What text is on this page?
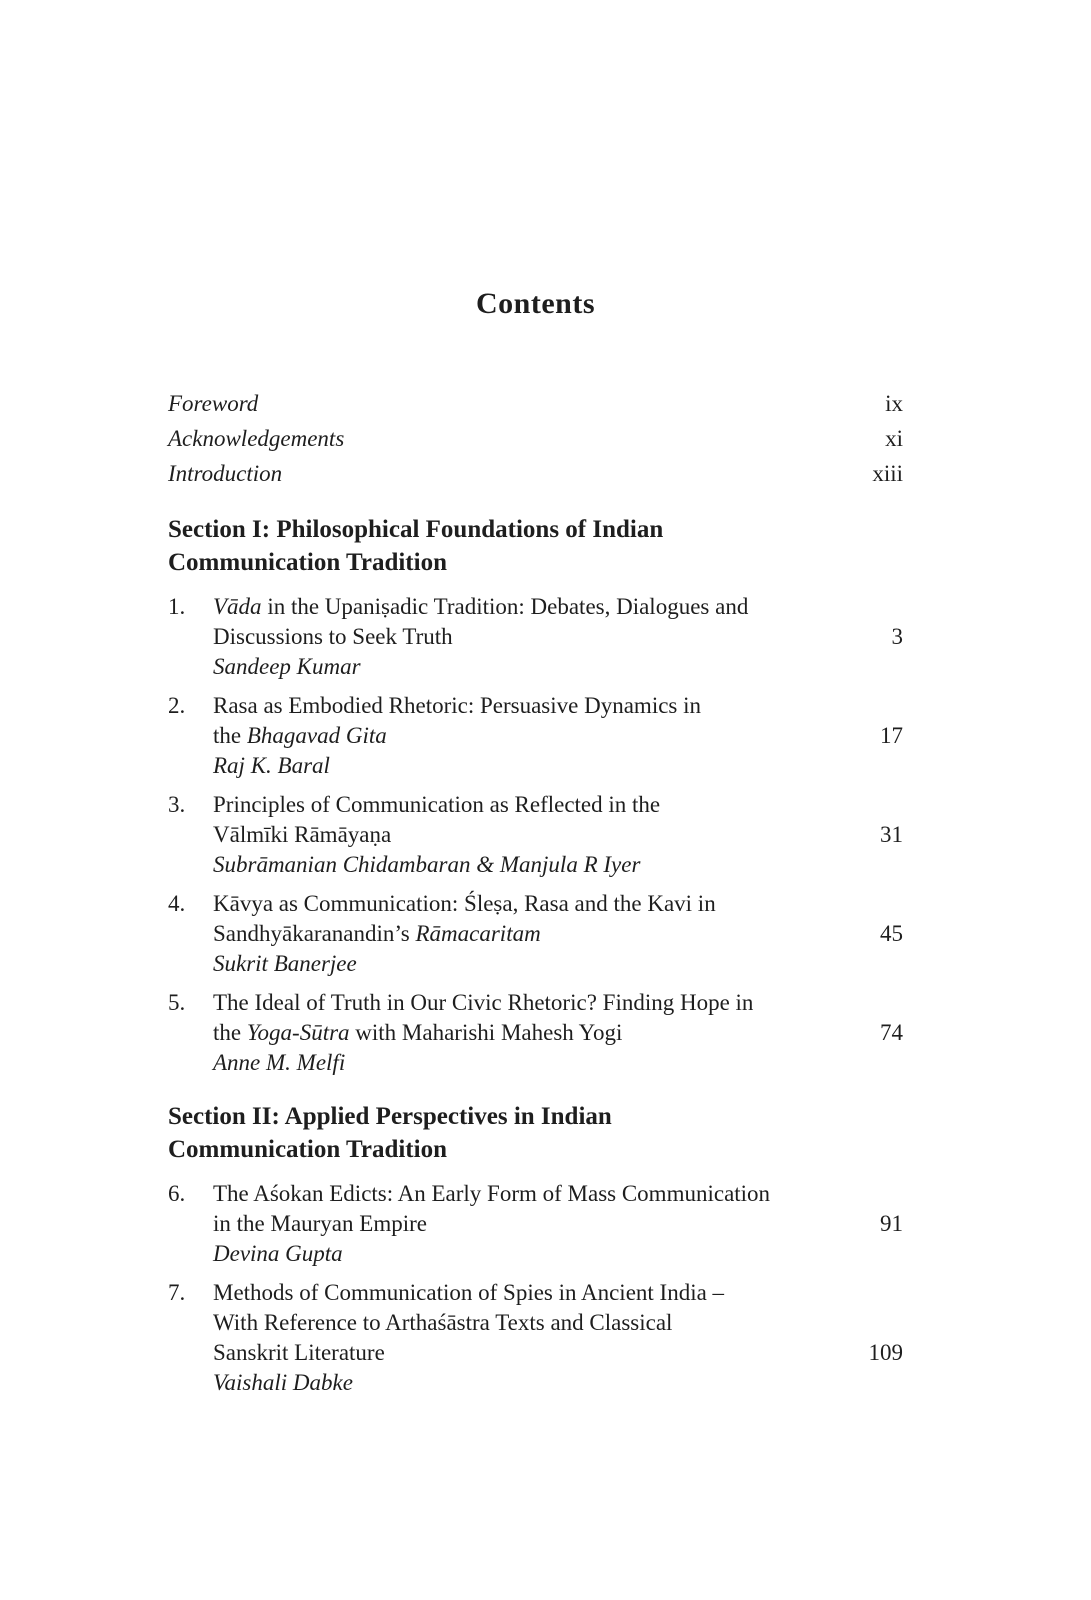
Contents
Foreword	ix
Acknowledgements	xi
Introduction	xiii
Section I: Philosophical Foundations of Indian
Communication Tradition
1.	Vāda in the Upaniṣadic Tradition: Debates, Dialogues and
Discussions to Seek Truth	3
Sandeep Kumar
2.	Rasa as Embodied Rhetoric: Persuasive Dynamics in
the Bhagavad Gita	17
Raj K. Baral
3.	Principles of Communication as Reflected in the
Vālmīki Rāmāyaṇa	31
Subrāmanian Chidambaran & Manjula R Iyer
4.	Kāvya as Communication: Śleṣa, Rasa and the Kavi in
Sandhyākaranandin’s Rāmacaritam	45
Sukrit Banerjee
5.	The Ideal of Truth in Our Civic Rhetoric? Finding Hope in
the Yoga-Sūtra with Maharishi Mahesh Yogi	74
Anne M. Melfi
Section II: Applied Perspectives in Indian
Communication Tradition
6.	The Aśokan Edicts: An Early Form of Mass Communication
in the Mauryan Empire	91
Devina Gupta
7.	Methods of Communication of Spies in Ancient India –
With Reference to Arthaśāstra Texts and Classical
Sanskrit Literature	109
Vaishali Dabke
